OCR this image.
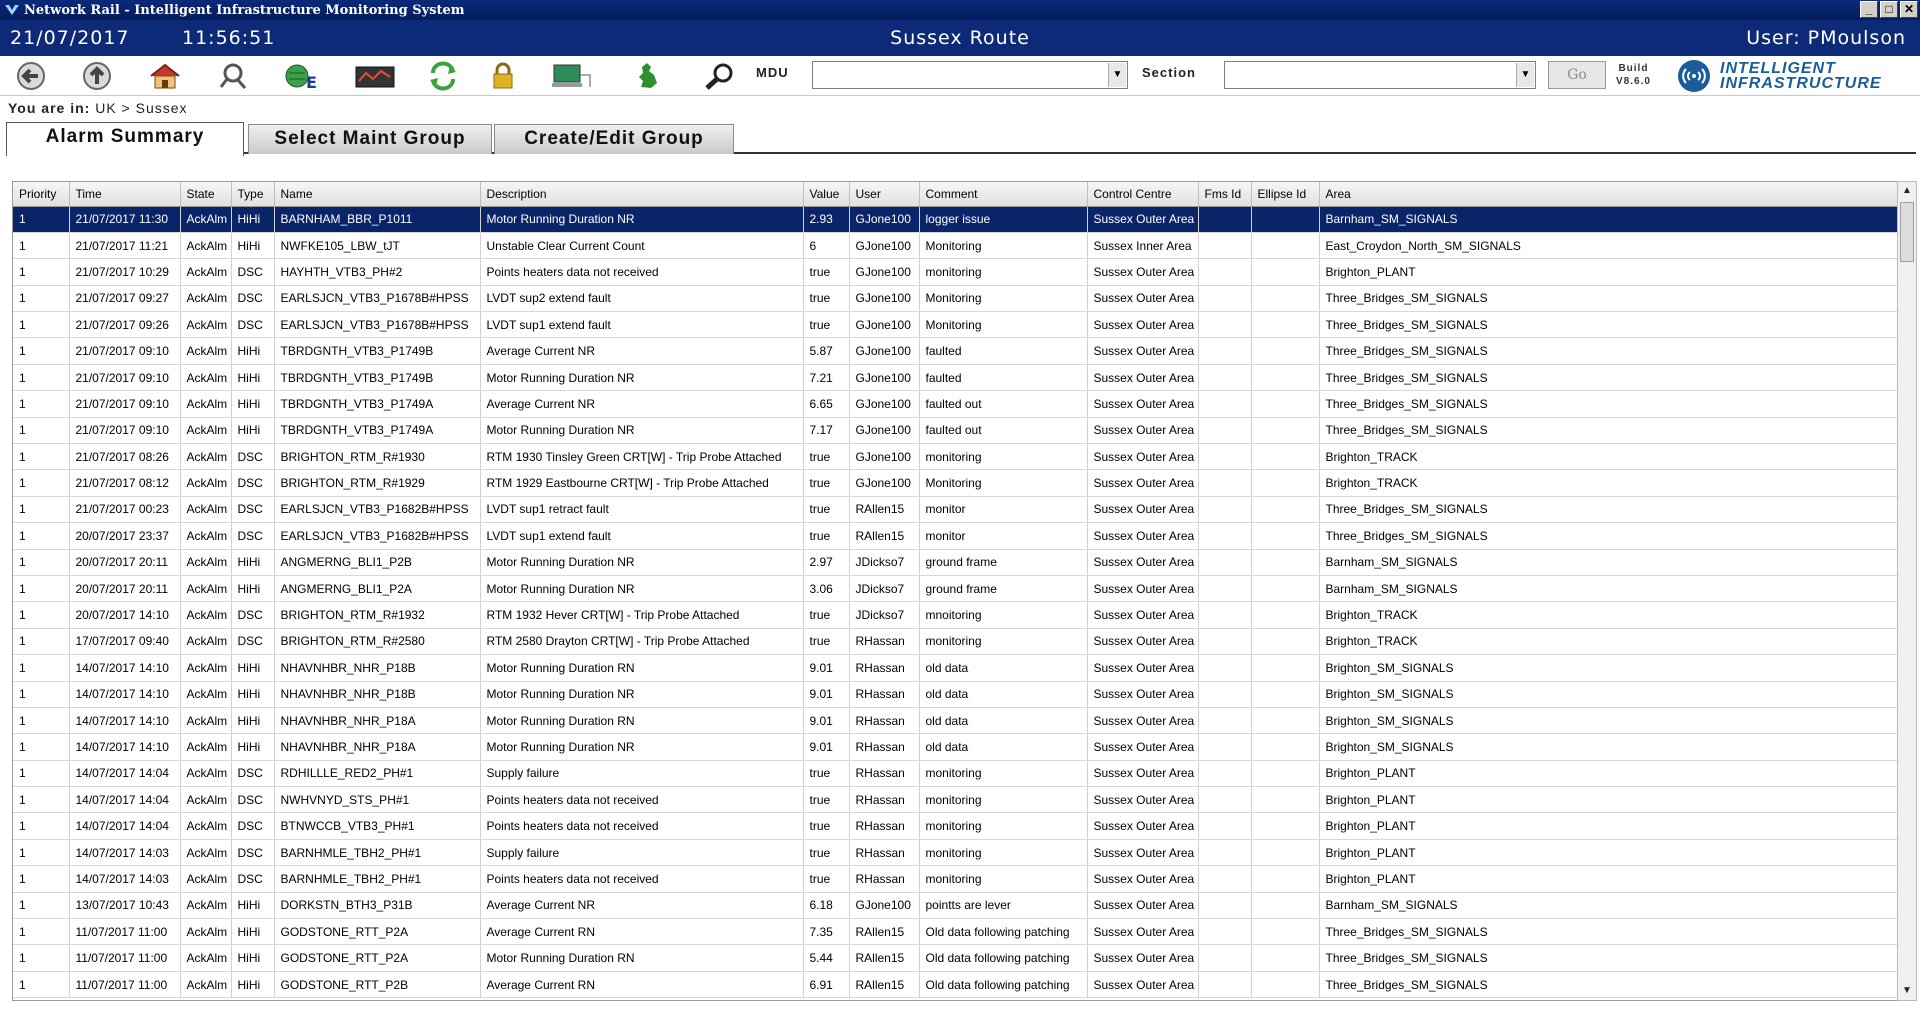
Network Rail - Intelligent Infrastructure Monitoring System	_	□ ✕
21/07/2017	11:56:51	Sussex Route	User: PMoulson
E
MDU	▼ Section	▼	Go	Build
V8.6.0
INTELLIGENT
INFRASTRUCTURE
You are in: UK > Sussex
Alarm Summary	Select Maint Group	Create/Edit Group
Priority	Time	State	Type	Name	Description	Value	User	Comment	Control Centre	Fms Id	Ellipse Id	Area
1	21/07/2017 11:30	AckAlm	HiHi	BARNHAM_BBR_P1011	Motor Running Duration NR	2.93	GJone100	logger issue	Sussex Outer Area			Barnham_SM_SIGNALS
1	21/07/2017 11:21	AckAlm	HiHi	NWFKE105_LBW_tJT	Unstable Clear Current Count	6	GJone100	Monitoring	Sussex Inner Area			East_Croydon_North_SM_SIGNALS
1	21/07/2017 10:29	AckAlm	DSC	HAYHTH_VTB3_PH#2	Points heaters data not received	true	GJone100	monitoring	Sussex Outer Area			Brighton_PLANT
1	21/07/2017 09:27	AckAlm	DSC	EARLSJCN_VTB3_P1678B#HPSS	LVDT sup2 extend fault	true	GJone100	Monitoring	Sussex Outer Area			Three_Bridges_SM_SIGNALS
1	21/07/2017 09:26	AckAlm	DSC	EARLSJCN_VTB3_P1678B#HPSS	LVDT sup1 extend fault	true	GJone100	Monitoring	Sussex Outer Area			Three_Bridges_SM_SIGNALS
1	21/07/2017 09:10	AckAlm	HiHi	TBRDGNTH_VTB3_P1749B	Average Current NR	5.87	GJone100	faulted	Sussex Outer Area			Three_Bridges_SM_SIGNALS
1	21/07/2017 09:10	AckAlm	HiHi	TBRDGNTH_VTB3_P1749B	Motor Running Duration NR	7.21	GJone100	faulted	Sussex Outer Area			Three_Bridges_SM_SIGNALS
1	21/07/2017 09:10	AckAlm	HiHi	TBRDGNTH_VTB3_P1749A	Average Current NR	6.65	GJone100	faulted out	Sussex Outer Area			Three_Bridges_SM_SIGNALS
1	21/07/2017 09:10	AckAlm	HiHi	TBRDGNTH_VTB3_P1749A	Motor Running Duration NR	7.17	GJone100	faulted out	Sussex Outer Area			Three_Bridges_SM_SIGNALS
1	21/07/2017 08:26	AckAlm	DSC	BRIGHTON_RTM_R#1930	RTM 1930 Tinsley Green CRT[W] - Trip Probe Attached	true	GJone100	monitoring	Sussex Outer Area			Brighton_TRACK
1	21/07/2017 08:12	AckAlm	DSC	BRIGHTON_RTM_R#1929	RTM 1929 Eastbourne CRT[W] - Trip Probe Attached	true	GJone100	Monitoring	Sussex Outer Area			Brighton_TRACK
1	21/07/2017 00:23	AckAlm	DSC	EARLSJCN_VTB3_P1682B#HPSS	LVDT sup1 retract fault	true	RAllen15	monitor	Sussex Outer Area			Three_Bridges_SM_SIGNALS
1	20/07/2017 23:37	AckAlm	DSC	EARLSJCN_VTB3_P1682B#HPSS	LVDT sup1 extend fault	true	RAllen15	monitor	Sussex Outer Area			Three_Bridges_SM_SIGNALS
1	20/07/2017 20:11	AckAlm	HiHi	ANGMERNG_BLI1_P2B	Motor Running Duration NR	2.97	JDickso7	ground frame	Sussex Outer Area			Barnham_SM_SIGNALS
1	20/07/2017 20:11	AckAlm	HiHi	ANGMERNG_BLI1_P2A	Motor Running Duration NR	3.06	JDickso7	ground frame	Sussex Outer Area			Barnham_SM_SIGNALS
1	20/07/2017 14:10	AckAlm	DSC	BRIGHTON_RTM_R#1932	RTM 1932 Hever CRT[W] - Trip Probe Attached	true	JDickso7	mnoitoring	Sussex Outer Area			Brighton_TRACK
1	17/07/2017 09:40	AckAlm	DSC	BRIGHTON_RTM_R#2580	RTM 2580 Drayton CRT[W] - Trip Probe Attached	true	RHassan	monitoring	Sussex Outer Area			Brighton_TRACK
1	14/07/2017 14:10	AckAlm	HiHi	NHAVNHBR_NHR_P18B	Motor Running Duration RN	9.01	RHassan	old data	Sussex Outer Area			Brighton_SM_SIGNALS
1	14/07/2017 14:10	AckAlm	HiHi	NHAVNHBR_NHR_P18B	Motor Running Duration NR	9.01	RHassan	old data	Sussex Outer Area			Brighton_SM_SIGNALS
1	14/07/2017 14:10	AckAlm	HiHi	NHAVNHBR_NHR_P18A	Motor Running Duration RN	9.01	RHassan	old data	Sussex Outer Area			Brighton_SM_SIGNALS
1	14/07/2017 14:10	AckAlm	HiHi	NHAVNHBR_NHR_P18A	Motor Running Duration NR	9.01	RHassan	old data	Sussex Outer Area			Brighton_SM_SIGNALS
1	14/07/2017 14:04	AckAlm	DSC	RDHILLLE_RED2_PH#1	Supply failure	true	RHassan	monitoring	Sussex Outer Area			Brighton_PLANT
1	14/07/2017 14:04	AckAlm	DSC	NWHVNYD_STS_PH#1	Points heaters data not received	true	RHassan	monitoring	Sussex Outer Area			Brighton_PLANT
1	14/07/2017 14:04	AckAlm	DSC	BTNWCCB_VTB3_PH#1	Points heaters data not received	true	RHassan	monitoring	Sussex Outer Area			Brighton_PLANT
1	14/07/2017 14:03	AckAlm	DSC	BARNHMLE_TBH2_PH#1	Supply failure	true	RHassan	monitoring	Sussex Outer Area			Brighton_PLANT
1	14/07/2017 14:03	AckAlm	DSC	BARNHMLE_TBH2_PH#1	Points heaters data not received	true	RHassan	monitoring	Sussex Outer Area			Brighton_PLANT
1	13/07/2017 10:43	AckAlm	HiHi	DORKSTN_BTH3_P31B	Average Current NR	6.18	GJone100	pointts are lever	Sussex Outer Area			Barnham_SM_SIGNALS
1	11/07/2017 11:00	AckAlm	HiHi	GODSTONE_RTT_P2A	Average Current RN	7.35	RAllen15	Old data following patching	Sussex Outer Area			Three_Bridges_SM_SIGNALS
1	11/07/2017 11:00	AckAlm	HiHi	GODSTONE_RTT_P2A	Motor Running Duration RN	5.44	RAllen15	Old data following patching	Sussex Outer Area			Three_Bridges_SM_SIGNALS
1	11/07/2017 11:00	AckAlm	HiHi	GODSTONE_RTT_P2B	Average Current RN	6.91	RAllen15	Old data following patching	Sussex Outer Area			Three_Bridges_SM_SIGNALS
▲
▼
